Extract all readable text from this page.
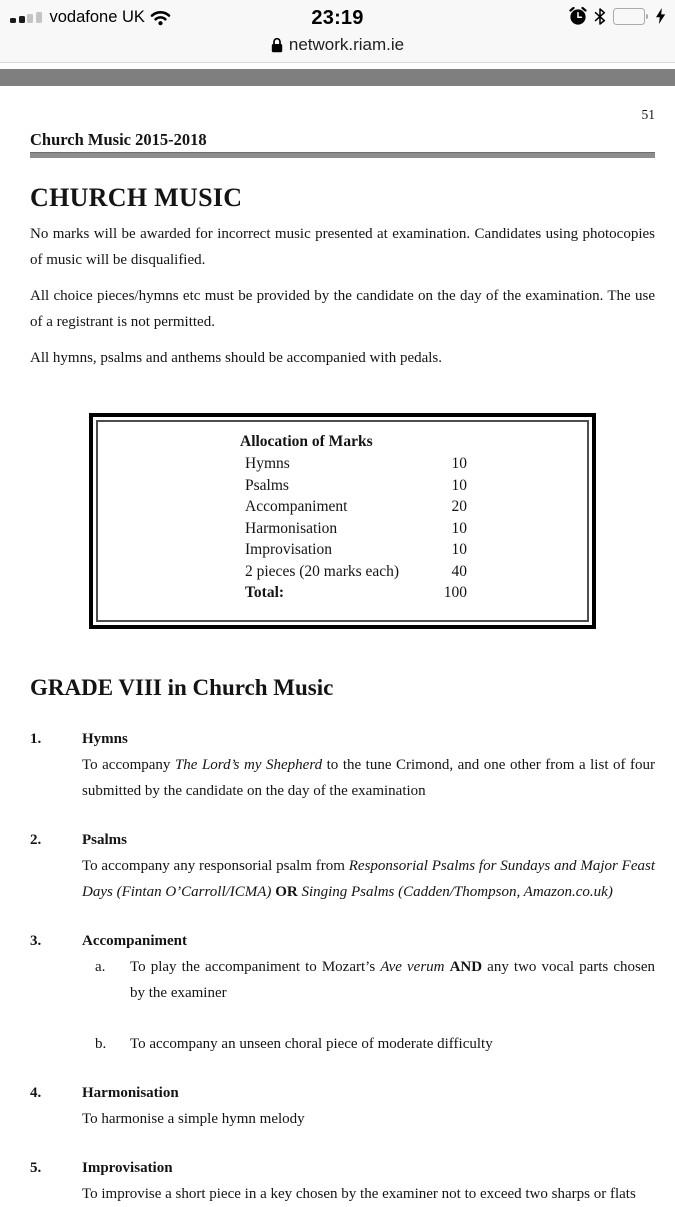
vodafone UK	23:19
network.riam.ie
51
Church Music 2015-2018
CHURCH MUSIC

No marks will be awarded for incorrect music presented at examination. Candidates using photocopies of music will be disqualified.

All choice pieces/hymns etc must be provided by the candidate on the day of the examination. The use of a registrant is not permitted.

All hymns, psalms and anthems should be accompanied with pedals.

Allocation of Marks
Hymns	10
Psalms	10
Accompaniment	20
Harmonisation	10
Improvisation	10
2 pieces (20 marks each)	40
Total:	100
GRADE VIII in Church Music
1.	Hymns

To accompany The Lord’s my Shepherd to the tune Crimond, and one other from a list of four submitted by the candidate on the day of the examination

2.	Psalms

To accompany any responsorial psalm from Responsorial Psalms for Sundays and Major Feast Days (Fintan O’Carroll/ICMA) OR Singing Psalms (Cadden/Thompson, Amazon.co.uk)

3.	Accompaniment
a.	To play the accompaniment to Mozart’s Ave verum AND any two vocal parts chosen by the examiner

b.	To accompany an unseen choral piece of moderate difficulty

4.	Harmonisation

To harmonise a simple hymn melody

5.	Improvisation

To improvise a short piece in a key chosen by the examiner not to exceed two sharps or flats
